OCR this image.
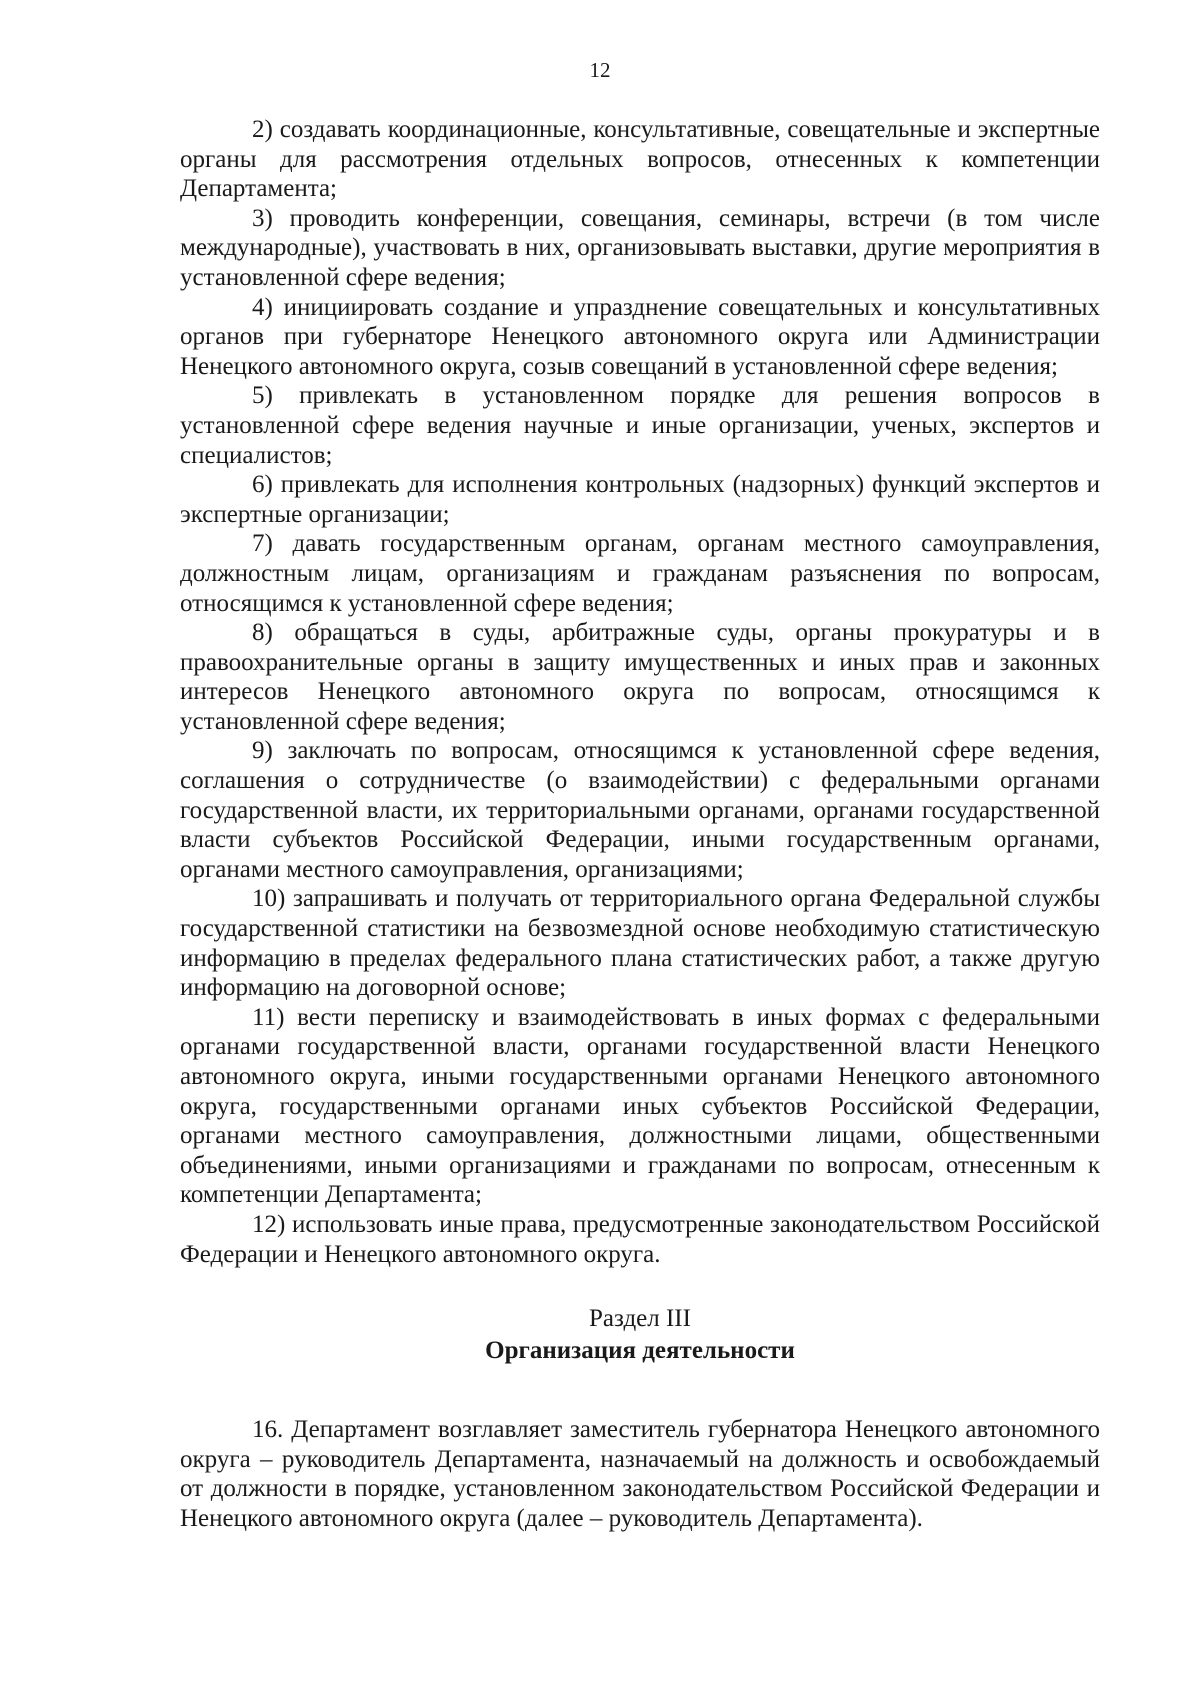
12

2) создавать координационные, консультативные, совещательные и экспертные органы для рассмотрения отдельных вопросов, отнесенных к компетенции Департамента;

3) проводить конференции, совещания, семинары, встречи (в том числе международные), участвовать в них, организовывать выставки, другие мероприятия в установленной сфере ведения;

4) инициировать создание и упразднение совещательных и консультативных органов при губернаторе Ненецкого автономного округа или Администрации Ненецкого автономного округа, созыв совещаний в установленной сфере ведения;

5) привлекать в установленном порядке для решения вопросов в установленной сфере ведения научные и иные организации, ученых, экспертов и специалистов;

6) привлекать для исполнения контрольных (надзорных) функций экспертов и экспертные организации;

7) давать государственным органам, органам местного самоуправления, должностным лицам, организациям и гражданам разъяснения по вопросам, относящимся к установленной сфере ведения;

8) обращаться в суды, арбитражные суды, органы прокуратуры и в правоохранительные органы в защиту имущественных и иных прав и законных интересов Ненецкого автономного округа по вопросам, относящимся к установленной сфере ведения;

9) заключать по вопросам, относящимся к установленной сфере ведения, соглашения о сотрудничестве (о взаимодействии) с федеральными органами государственной власти, их территориальными органами, органами государственной власти субъектов Российской Федерации, иными государственным органами, органами местного самоуправления, организациями;

10) запрашивать и получать от территориального органа Федеральной службы государственной статистики на безвозмездной основе необходимую статистическую информацию в пределах федерального плана статистических работ, а также другую информацию на договорной основе;

11) вести переписку и взаимодействовать в иных формах с федеральными органами государственной власти, органами государственной власти Ненецкого автономного округа, иными государственными органами Ненецкого автономного округа, государственными органами иных субъектов Российской Федерации, органами местного самоуправления, должностными лицами, общественными объединениями, иными организациями и гражданами по вопросам, отнесенным к компетенции Департамента;

12) использовать иные права, предусмотренные законодательством Российской Федерации и Ненецкого автономного округа.

Раздел III
Организация деятельности

16. Департамент возглавляет заместитель губернатора Ненецкого автономного округа – руководитель Департамента, назначаемый на должность и освобождаемый от должности в порядке, установленном законодательством Российской Федерации и Ненецкого автономного округа (далее – руководитель Департамента).
